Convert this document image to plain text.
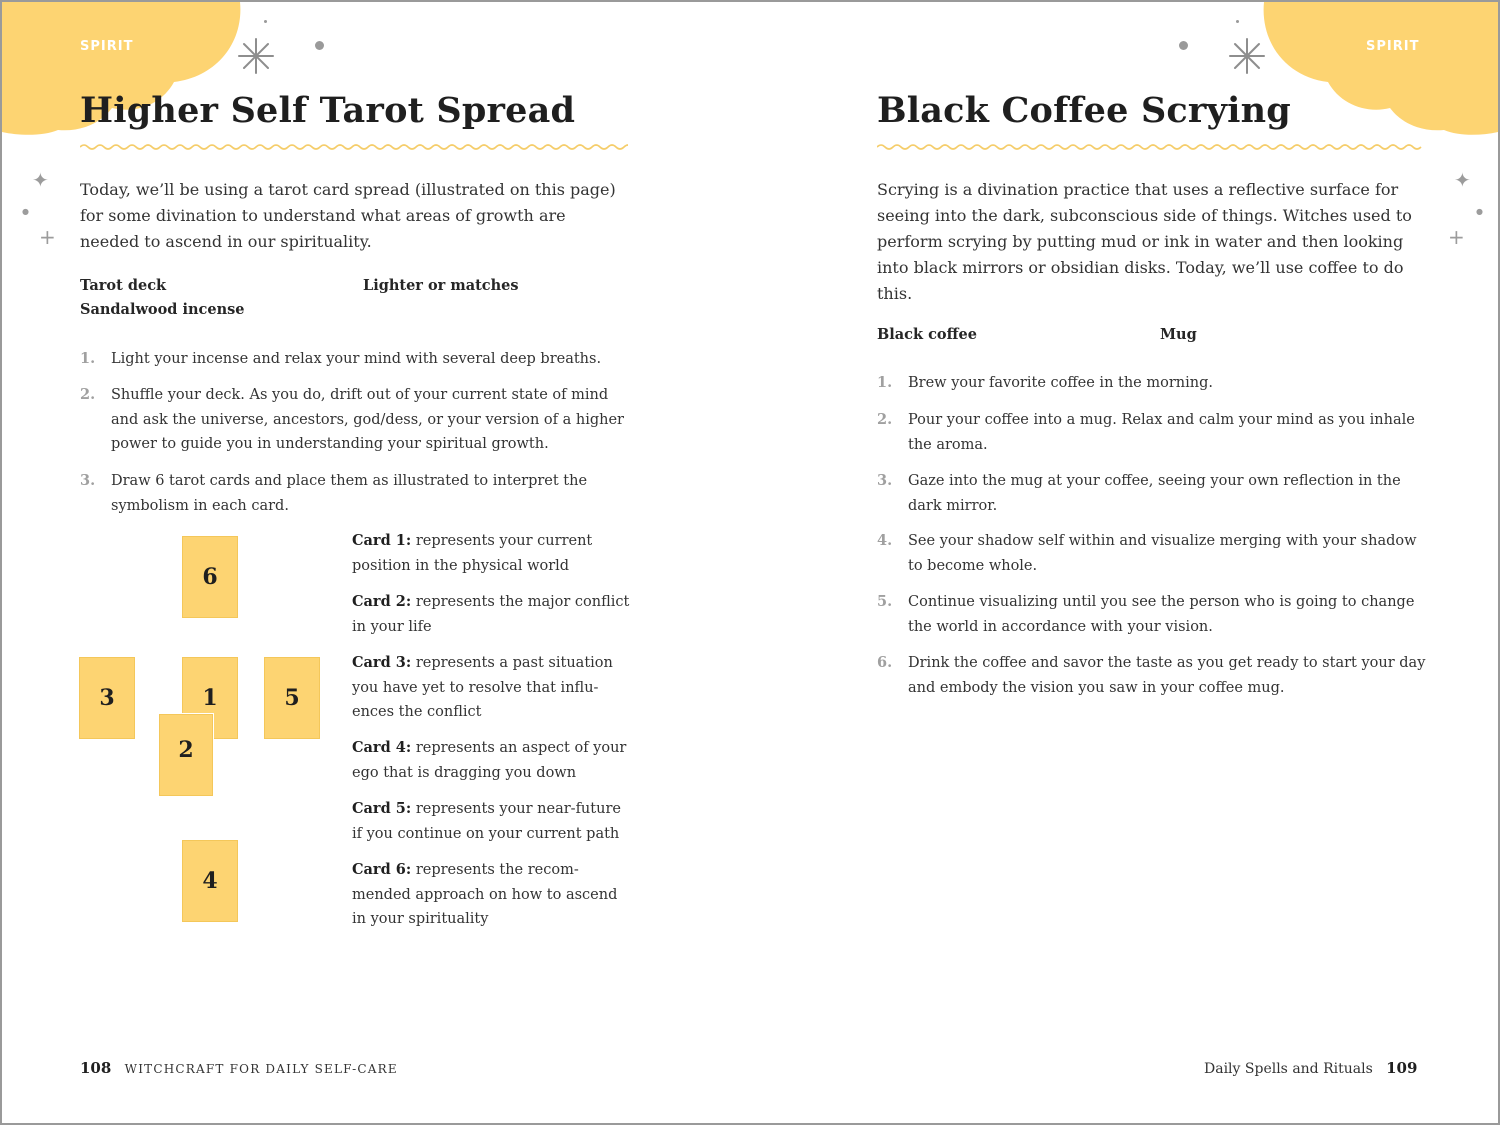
SPIRIT
✦
●
+
Higher Self Tarot Spread

Today, we’ll be using a tarot card spread (illustrated on this page) for some divination to understand what areas of growth are needed to ascend in our spirituality.

Tarot deck	Lighter or matches
Sandalwood incense
1. Light your incense and relax your mind with several deep breaths.
2. Shuffle your deck. As you do, drift out of your current state of mind and ask the universe, ancestors, god/dess, or your version of a higher power to guide you in understanding your spiritual growth.
3. Draw 6 tarot cards and place them as illustrated to interpret the symbolism in each card.
6
3	1	5
2
4
Card 1: represents your current position in the physical world
Card 2: represents the major conflict in your life
Card 3: represents a past situation you have yet to resolve that influences the conflict
Card 4: represents an aspect of your ego that is dragging you down
Card 5: represents your near-future if you continue on your current path
Card 6: represents the recommended approach on how to ascend in your spirituality
108 WITCHCRAFT FOR DAILY SELF-CARE
SPIRIT
✦
●
+
Black Coffee Scrying

Scrying is a divination practice that uses a reflective surface for seeing into the dark, subconscious side of things. Witches used to perform scrying by putting mud or ink in water and then looking into black mirrors or obsidian disks. Today, we’ll use coffee to do this.

Black coffee	Mug
1. Brew your favorite coffee in the morning.
2. Pour your coffee into a mug. Relax and calm your mind as you inhale the aroma.
3. Gaze into the mug at your coffee, seeing your own reflection in the dark mirror.
4. See your shadow self within and visualize merging with your shadow to become whole.
5. Continue visualizing until you see the person who is going to change the world in accordance with your vision.
6. Drink the coffee and savor the taste as you get ready to start your day and embody the vision you saw in your coffee mug.
Daily Spells and Rituals 109
